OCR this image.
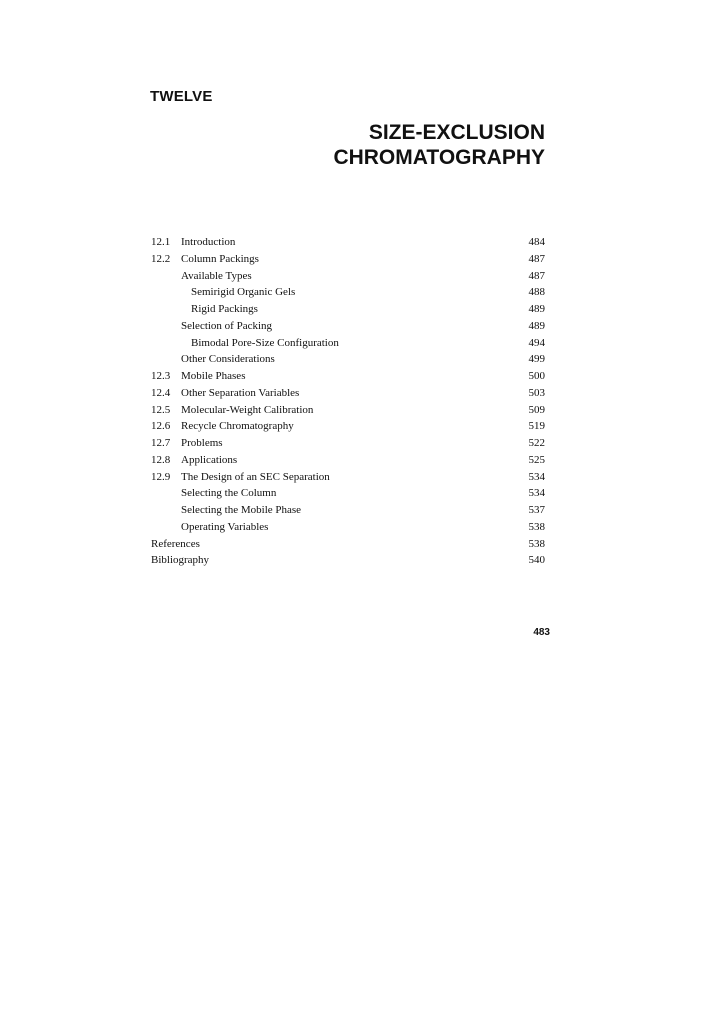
TWELVE
SIZE-EXCLUSION
CHROMATOGRAPHY
12.1 Introduction	484
12.2 Column Packings	487
Available Types	487
Semirigid Organic Gels	488
Rigid Packings	489
Selection of Packing	489
Bimodal Pore-Size Configuration	494
Other Considerations	499
12.3 Mobile Phases	500
12.4 Other Separation Variables	503
12.5 Molecular-Weight Calibration	509
12.6 Recycle Chromatography	519
12.7 Problems	522
12.8 Applications	525
12.9 The Design of an SEC Separation	534
Selecting the Column	534
Selecting the Mobile Phase	537
Operating Variables	538
References	538
Bibliography	540
483
